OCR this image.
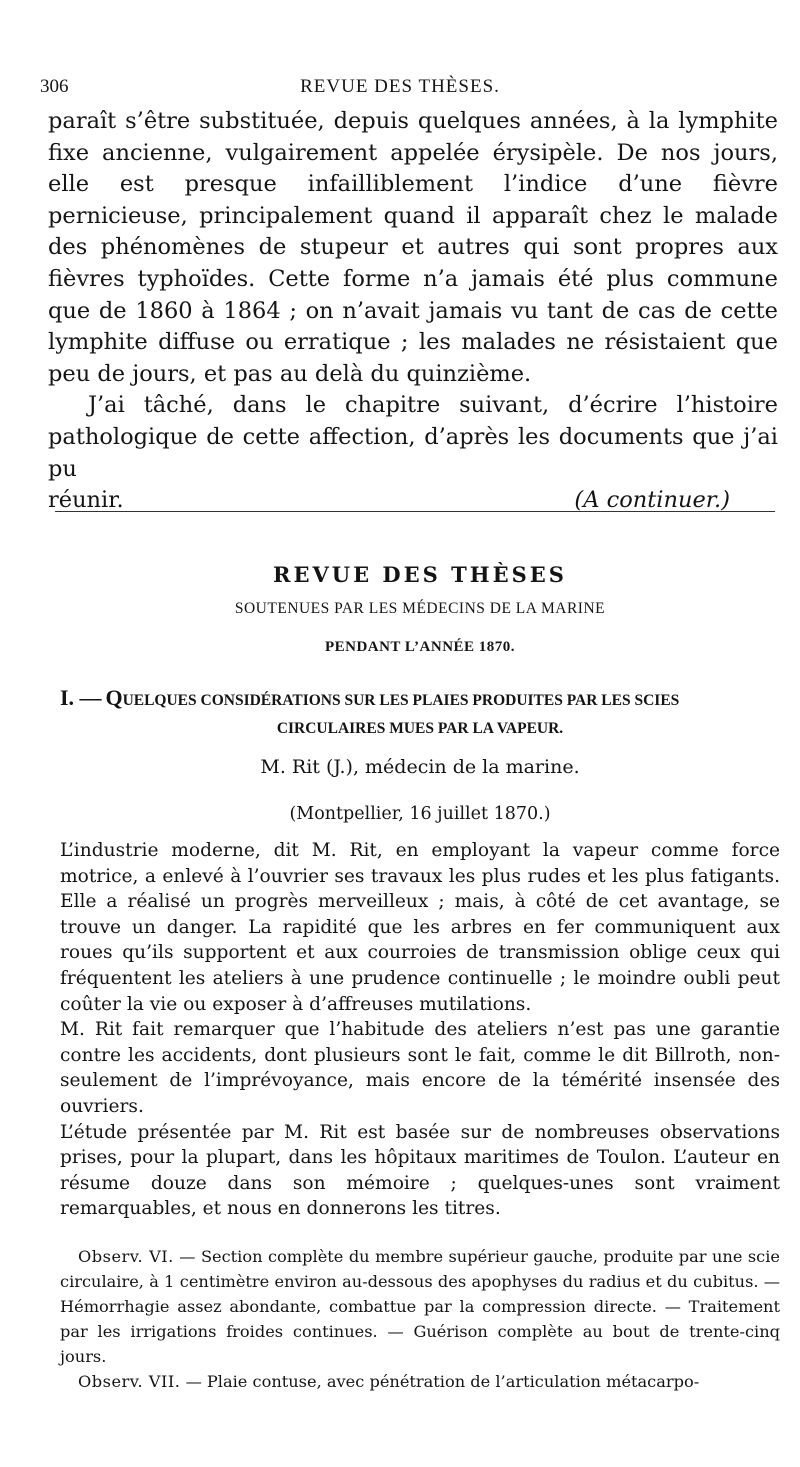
306	REVUE DES THÈSES.

paraît s’être substituée, depuis quelques années, à la lymphite fixe ancienne, vulgairement appelée érysipèle. De nos jours, elle est presque infailliblement l’indice d’une fièvre pernicieuse, principalement quand il apparaît chez le malade des phénomènes de stupeur et autres qui sont propres aux fièvres typhoïdes. Cette forme n’a jamais été plus commune que de 1860 à 1864 ; on n’avait jamais vu tant de cas de cette lymphite diffuse ou erratique ; les malades ne résistaient que peu de jours, et pas au delà du quinzième.

J’ai tâché, dans le chapitre suivant, d’écrire l’histoire pathologique de cette affection, d’après les documents que j’ai pu

réunir.	(A continuer.)
REVUE DES THÈSES
SOUTENUES PAR LES MÉDECINS DE LA MARINE
PENDANT L’ANNÉE 1870.
I. — QUELQUES CONSIDÉRATIONS SUR LES PLAIES PRODUITES PAR LES SCIES
CIRCULAIRES MUES PAR LA VAPEUR.
M. Rit (J.), médecin de la marine.
(Montpellier, 16 juillet 1870.)

L’industrie moderne, dit M. Rit, en employant la vapeur comme force motrice, a enlevé à l’ouvrier ses travaux les plus rudes et les plus fatigants. Elle a réalisé un progrès merveilleux ; mais, à côté de cet avantage, se trouve un danger. La rapidité que les arbres en fer communiquent aux roues qu’ils supportent et aux courroies de transmission oblige ceux qui fréquentent les ateliers à une prudence continuelle ; le moindre oubli peut coûter la vie ou exposer à d’affreuses mutilations.

M. Rit fait remarquer que l’habitude des ateliers n’est pas une garantie contre les accidents, dont plusieurs sont le fait, comme le dit Billroth, non-seulement de l’imprévoyance, mais encore de la témérité insensée des ouvriers.

L’étude présentée par M. Rit est basée sur de nombreuses observations prises, pour la plupart, dans les hôpitaux maritimes de Toulon. L’auteur en résume douze dans son mémoire ; quelques-unes sont vraiment remarquables, et nous en donnerons les titres.

Observ. VI. — Section complète du membre supérieur gauche, produite par une scie circulaire, à 1 centimètre environ au-dessous des apophyses du radius et du cubitus. — Hémorrhagie assez abondante, combattue par la compression directe. — Traitement par les irrigations froides continues. — Guérison complète au bout de trente-cinq jours.

Observ. VII. — Plaie contuse, avec pénétration de l’articulation métacarpo-
